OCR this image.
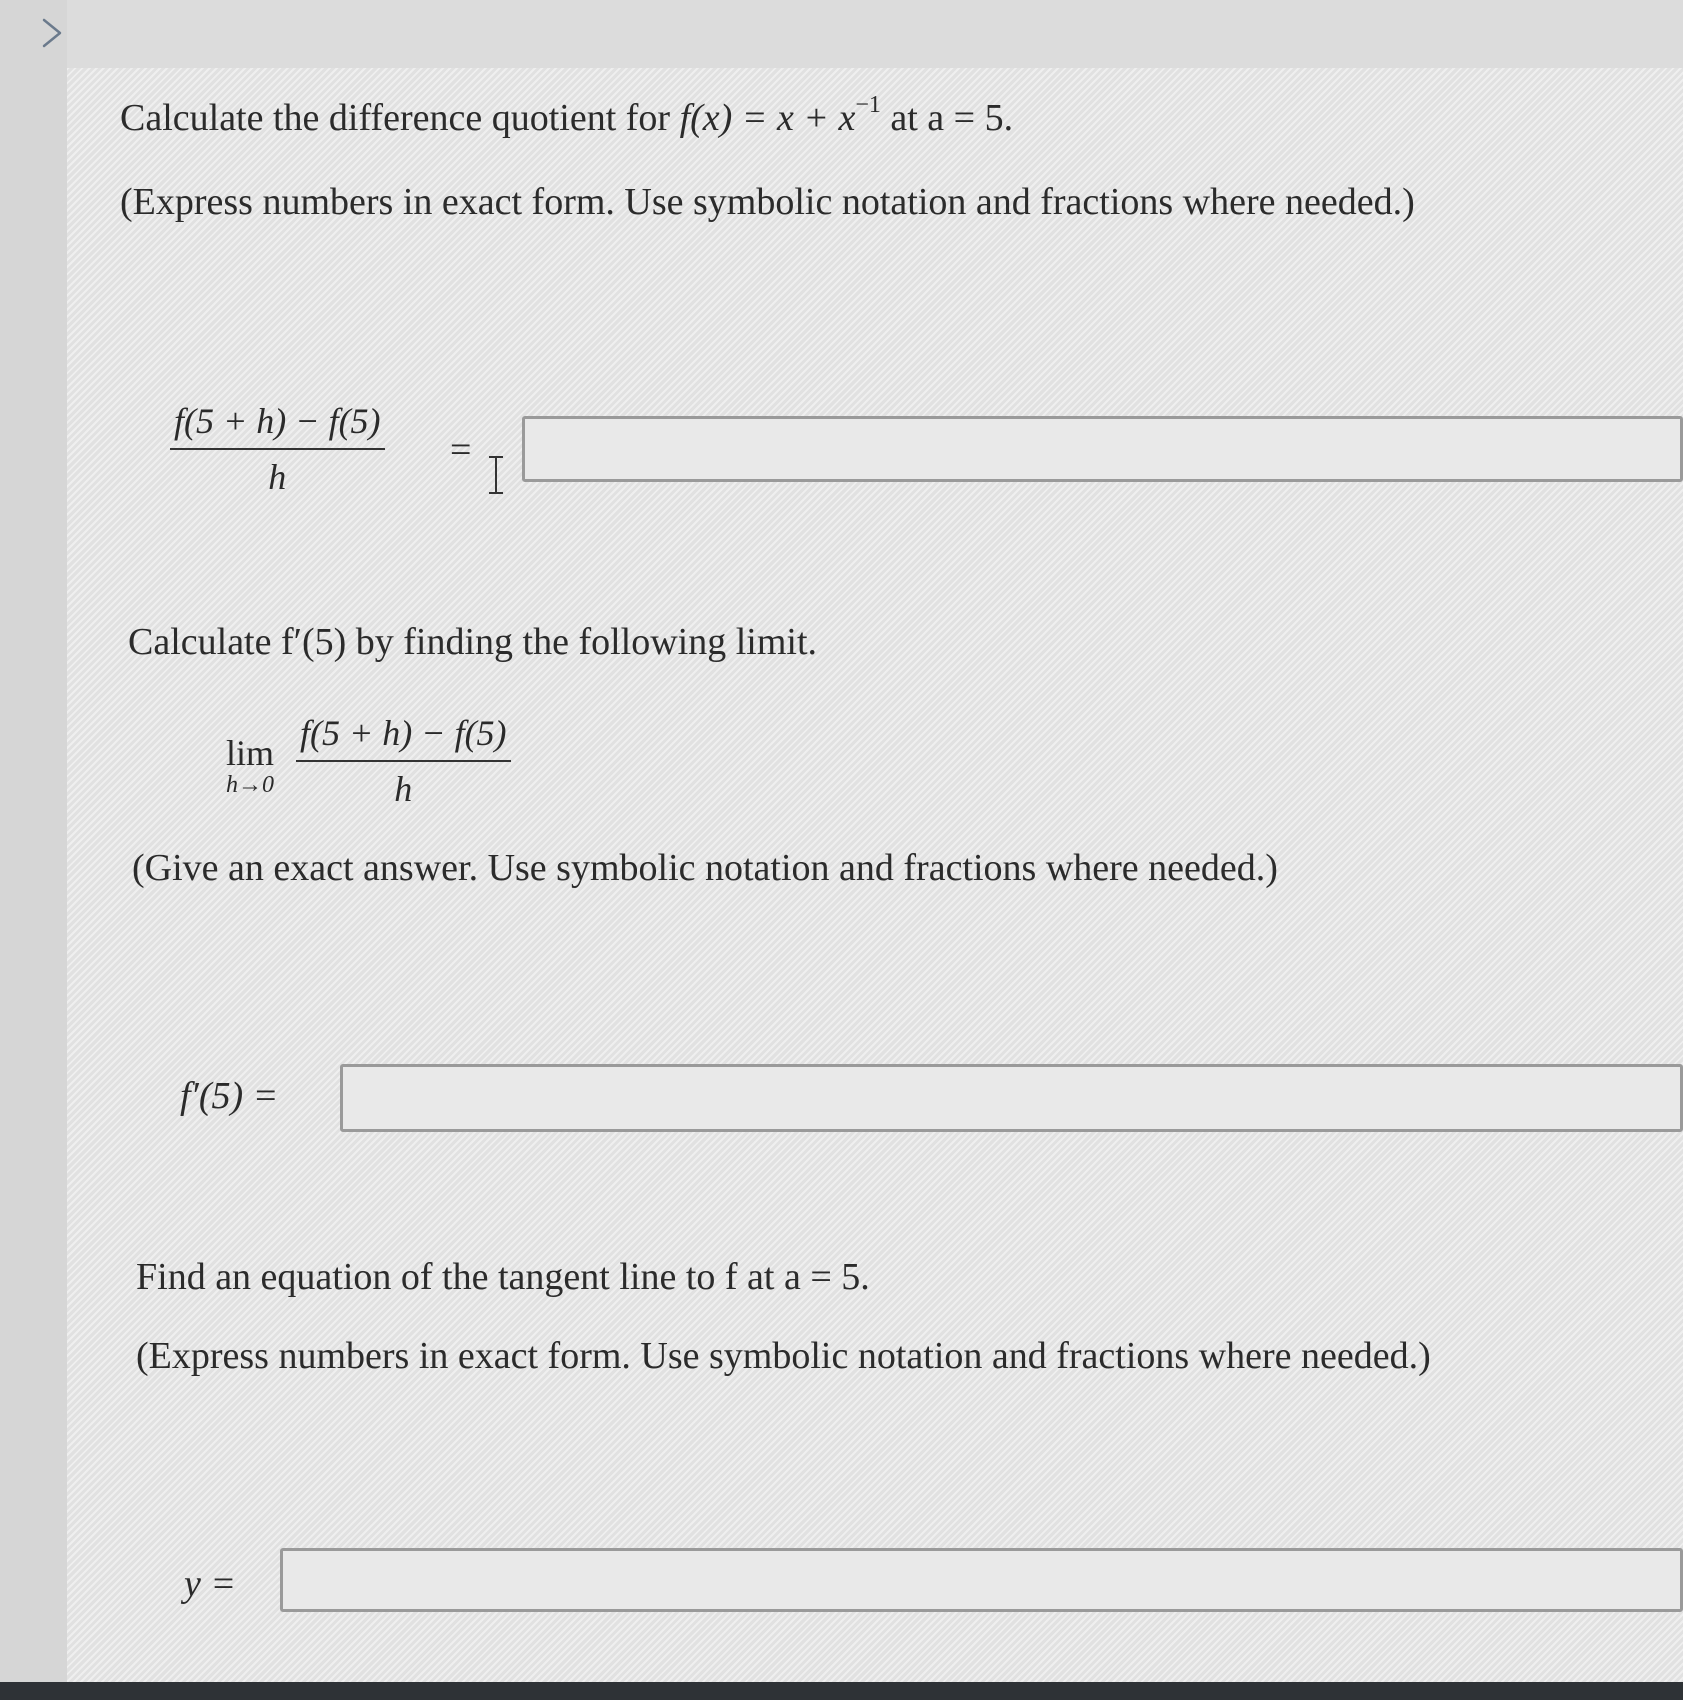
Calculate the difference quotient for $f(x) = x + x^{-1}$ at a = 5.
(Express numbers in exact form. Use symbolic notation and fractions where needed.)
f(5 + h) − f(5)
h
=
Calculate f′(5) by finding the following limit.
lim
h→0
f(5 + h) − f(5)
h
(Give an exact answer. Use symbolic notation and fractions where needed.)
f′(5) =
Find an equation of the tangent line to f at a = 5.
(Express numbers in exact form. Use symbolic notation and fractions where needed.)
y =
